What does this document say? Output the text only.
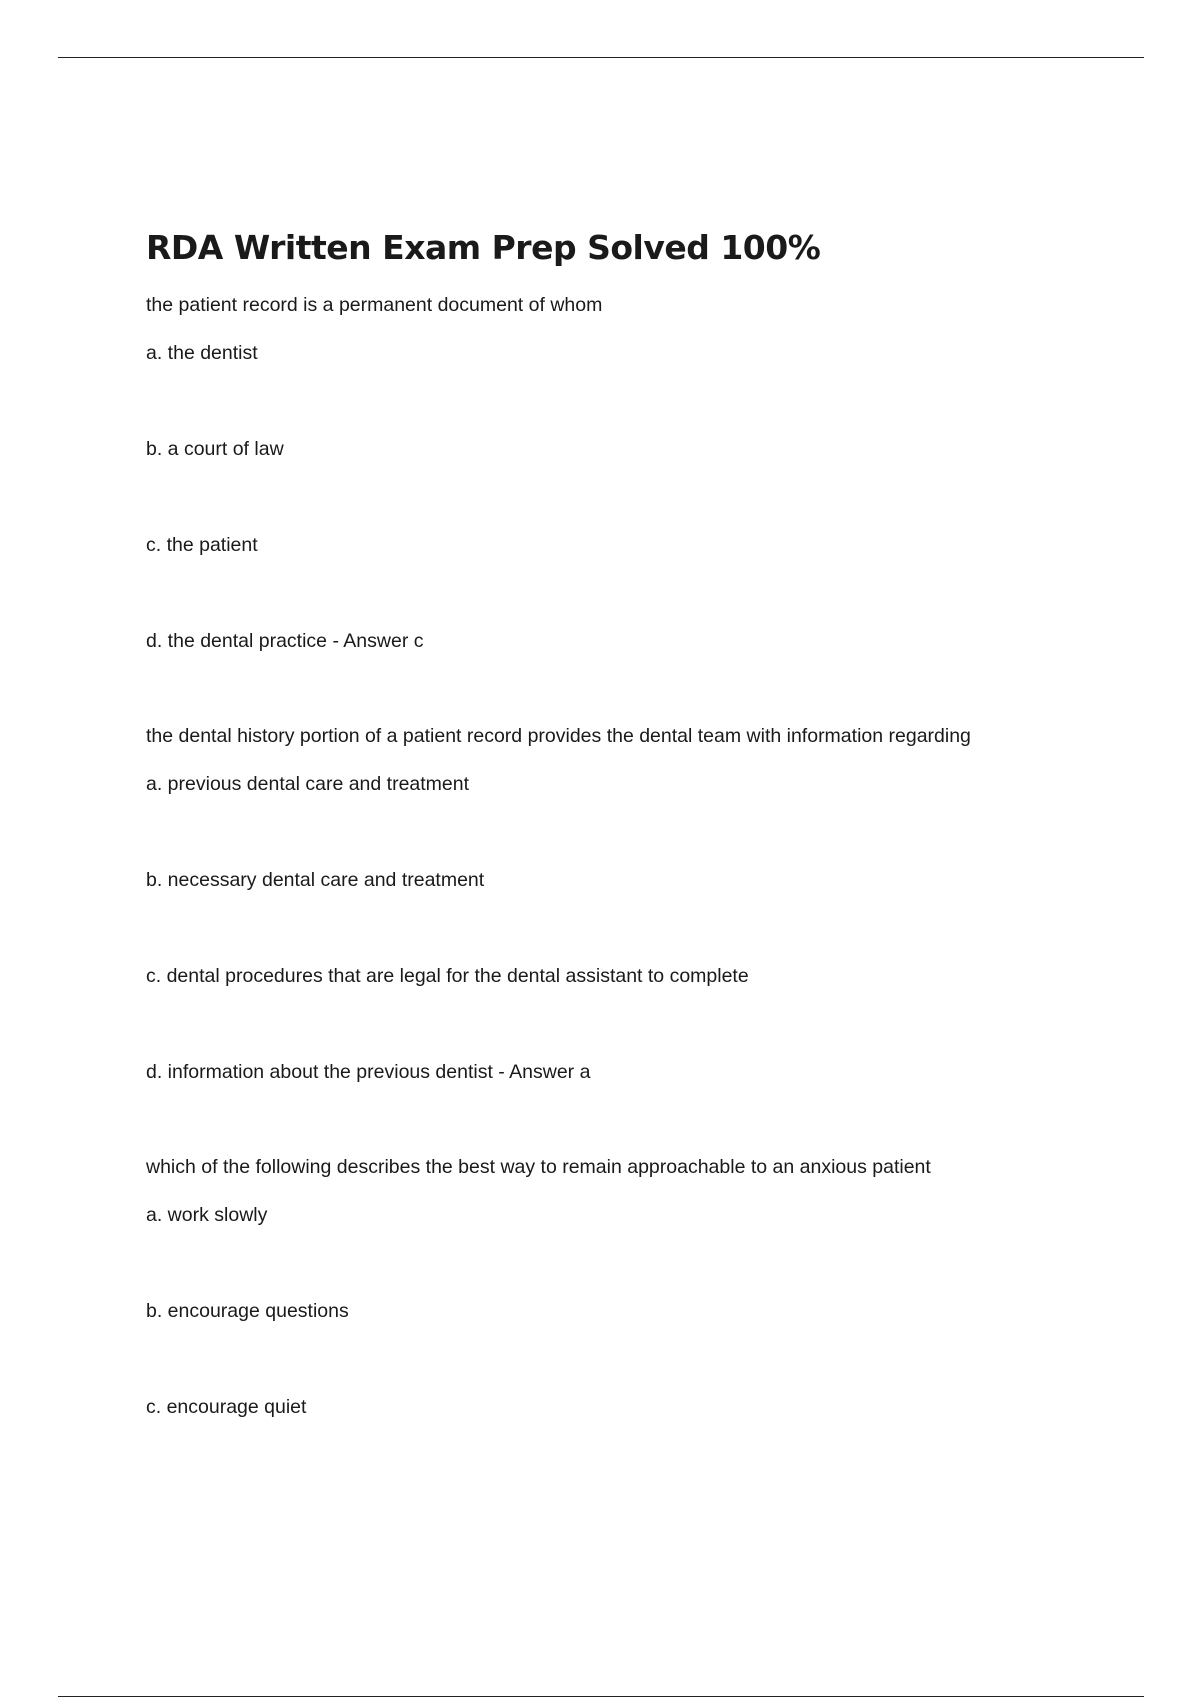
RDA Written Exam Prep Solved 100%

the patient record is a permanent document of whom

a. the dentist

b. a court of law

c. the patient

d. the dental practice - Answer c

the dental history portion of a patient record provides the dental team with information regarding

a. previous dental care and treatment

b. necessary dental care and treatment

c. dental procedures that are legal for the dental assistant to complete

d. information about the previous dentist - Answer a

which of the following describes the best way to remain approachable to an anxious patient

a. work slowly

b. encourage questions

c. encourage quiet
